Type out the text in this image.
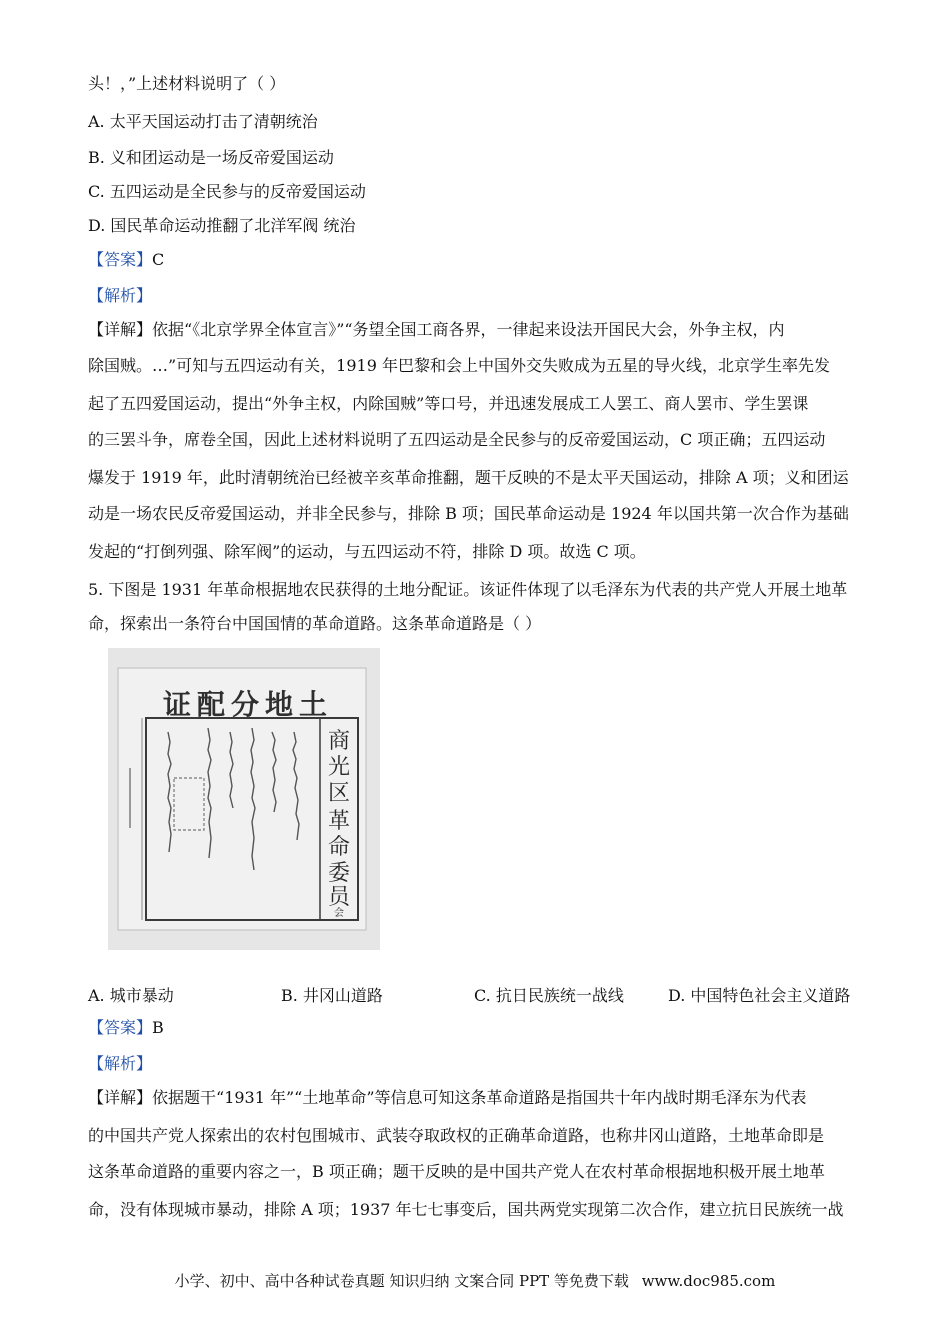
头！，”上述材料说明了（ ）
A. 太平天国运动打击了清朝统治
B. 义和团运动是一场反帝爱国运动
C. 五四运动是全民参与的反帝爱国运动
D. 国民革命运动推翻了北洋军阀 统治
【答案】C
【解析】
【详解】依据“《北京学界全体宣言》”“务望全国工商各界，一律起来设法开国民大会，外争主权，内
除国贼。…”可知与五四运动有关，1919 年巴黎和会上中国外交失败成为五星的导火线，北京学生率先发
起了五四爱国运动，提出“外争主权，内除国贼”等口号，并迅速发展成工人罢工、商人罢市、学生罢课
的三罢斗争，席卷全国，因此上述材料说明了五四运动是全民参与的反帝爱国运动，C 项正确；五四运动
爆发于 1919 年，此时清朝统治已经被辛亥革命推翻，题干反映的不是太平天国运动，排除 A 项；义和团运
动是一场农民反帝爱国运动，并非全民参与，排除 B 项；国民革命运动是 1924 年以国共第一次合作为基础
发起的“打倒列强、除军阀”的运动，与五四运动不符，排除 D 项。故选 C 项。
5. 下图是 1931 年革命根据地农民获得的土地分配证。该证件体现了以毛泽东为代表的共产党人开展土地革
命，探索出一条符台中国国情的革命道路。这条革命道路是（ ）
证配分地土
商
光
区
革
命
委
员
会
A. 城市暴动	B. 井冈山道路	C. 抗日民族统一战线	D. 中国特色社会主义道路
【答案】B
【解析】
【详解】依据题干“1931 年”“土地革命”等信息可知这条革命道路是指国共十年内战时期毛泽东为代表
的中国共产党人探索出的农村包围城市、武装夺取政权的正确革命道路，也称井冈山道路，土地革命即是
这条革命道路的重要内容之一，B 项正确；题干反映的是中国共产党人在农村革命根据地积极开展土地革
命，没有体现城市暴动，排除 A 项；1937 年七七事变后，国共两党实现第二次合作，建立抗日民族统一战
小学、初中、高中各种试卷真题 知识归纳 文案合同 PPT 等免费下载 www.doc985.com
